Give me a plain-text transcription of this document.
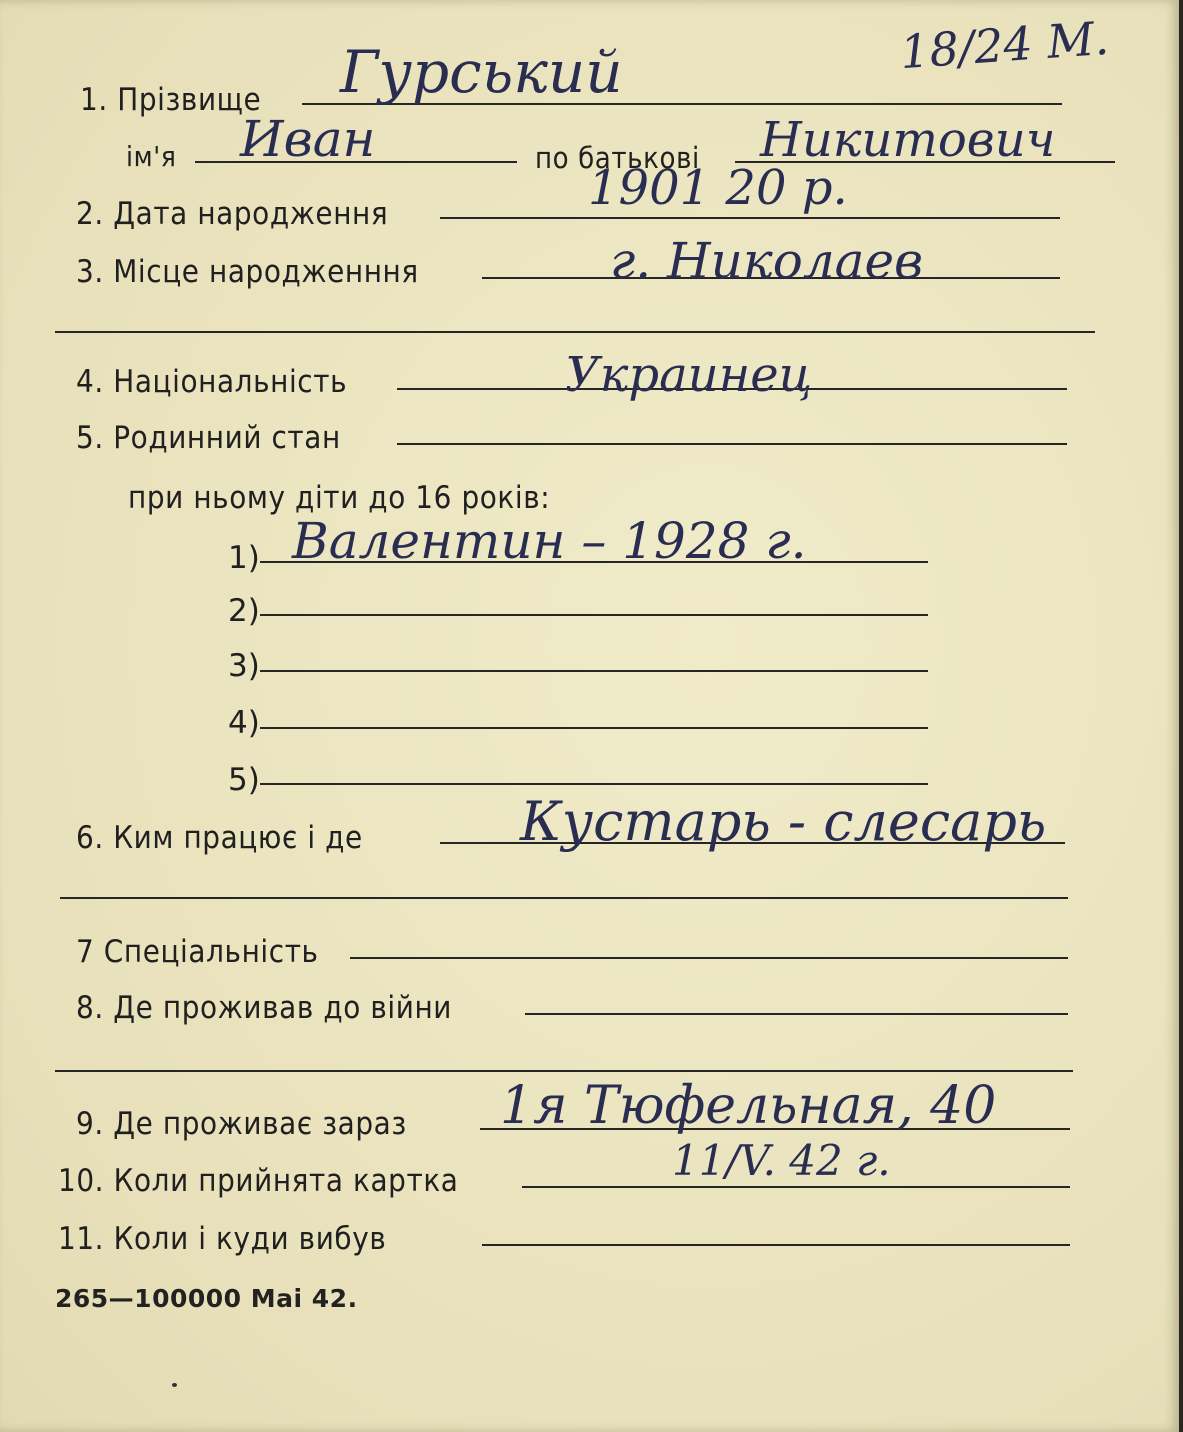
18/24 М.
1. Прізвище Гурський
ім'я Иван	по батькові Никитович
2. Дата народження	1901 20 р.
3. Місце народженння	г. Николаев
4. Національність	Украинец
5. Родинний стан
при ньому діти до 16 років:
1) Валентин – 1928 г.
2)
3)
4)
5)
6. Ким працює і де	Кустарь - слесарь
7 Спеціальність
8. Де проживав до війни
9. Де проживає зараз 1я Тюфельная, 40
10. Коли прийнята картка	11/V. 42 г.
11. Коли і куди вибув
265—100000 Mai 42.
